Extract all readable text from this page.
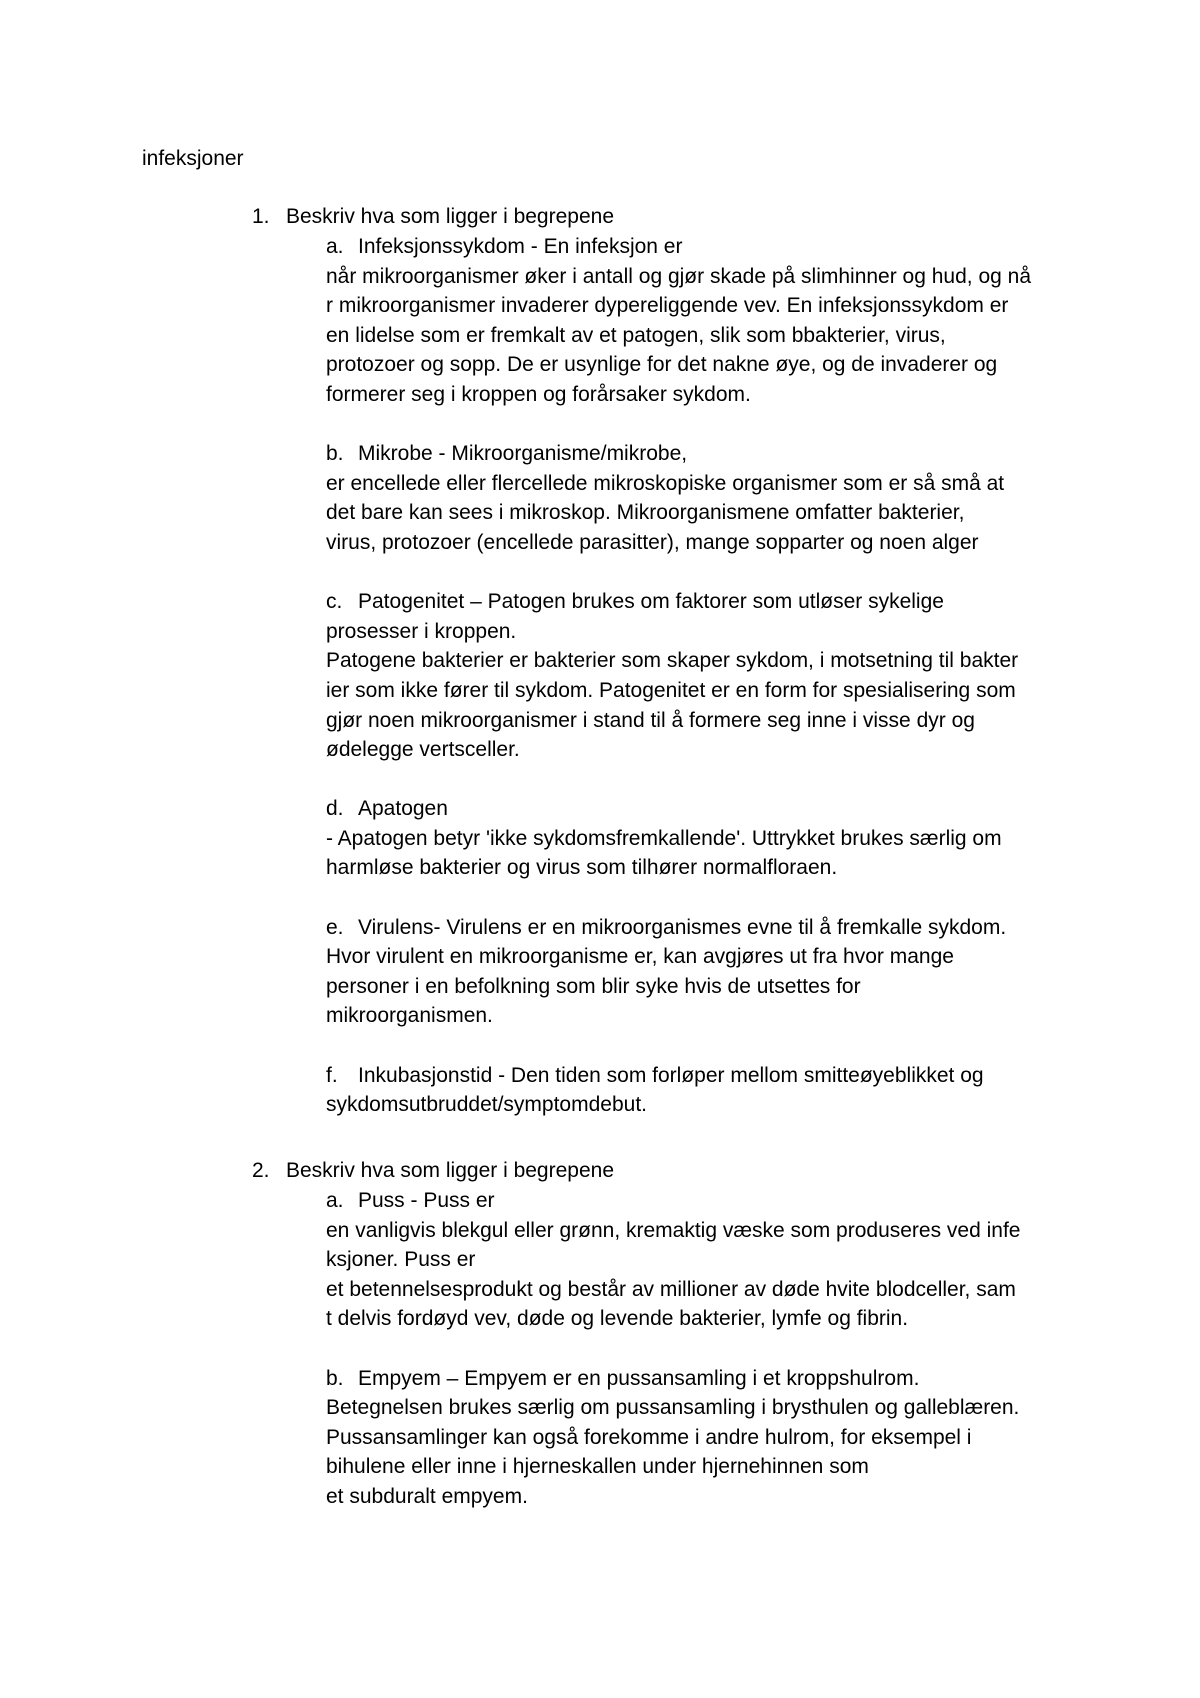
infeksjoner
1. Beskriv hva som ligger i begrepene
a. Infeksjonssykdom - En infeksjon er
når mikroorganismer øker i antall og gjør skade på slimhinner og hud, og nå
r mikroorganismer invaderer dypereliggende vev. En infeksjonssykdom er
en lidelse som er fremkalt av et patogen, slik som bbakterier, virus,
protozoer og sopp. De er usynlige for det nakne øye, og de invaderer og
formerer seg i kroppen og forårsaker sykdom.
b. Mikrobe - Mikroorganisme/mikrobe,
er encellede eller flercellede mikroskopiske organismer som er så små at
det bare kan sees i mikroskop. Mikroorganismene omfatter bakterier,
virus, protozoer (encellede parasitter), mange sopparter og noen alger
c. Patogenitet – Patogen brukes om faktorer som utløser sykelige
prosesser i kroppen.
Patogene bakterier er bakterier som skaper sykdom, i motsetning til bakter
ier som ikke fører til sykdom. Patogenitet er en form for spesialisering som
gjør noen mikroorganismer i stand til å formere seg inne i visse dyr og
ødelegge vertsceller.
d. Apatogen
- Apatogen betyr 'ikke sykdomsfremkallende'. Uttrykket brukes særlig om
harmløse bakterier og virus som tilhører normalfloraen.
e. Virulens- Virulens er en mikroorganismes evne til å fremkalle sykdom.
Hvor virulent en mikroorganisme er, kan avgjøres ut fra hvor mange
personer i en befolkning som blir syke hvis de utsettes for
mikroorganismen.
f. Inkubasjonstid - Den tiden som forløper mellom smitteøyeblikket og
sykdomsutbruddet/symptomdebut.
2. Beskriv hva som ligger i begrepene
a. Puss - Puss er
en vanligvis blekgul eller grønn, kremaktig væske som produseres ved infe
ksjoner. Puss er
et betennelsesprodukt og består av millioner av døde hvite blodceller, sam
t delvis fordøyd vev, døde og levende bakterier, lymfe og fibrin.
b. Empyem – Empyem er en pussansamling i et kroppshulrom.
Betegnelsen brukes særlig om pussansamling i brysthulen og galleblæren.
Pussansamlinger kan også forekomme i andre hulrom, for eksempel i
bihulene eller inne i hjerneskallen under hjernehinnen som
et subduralt empyem.
